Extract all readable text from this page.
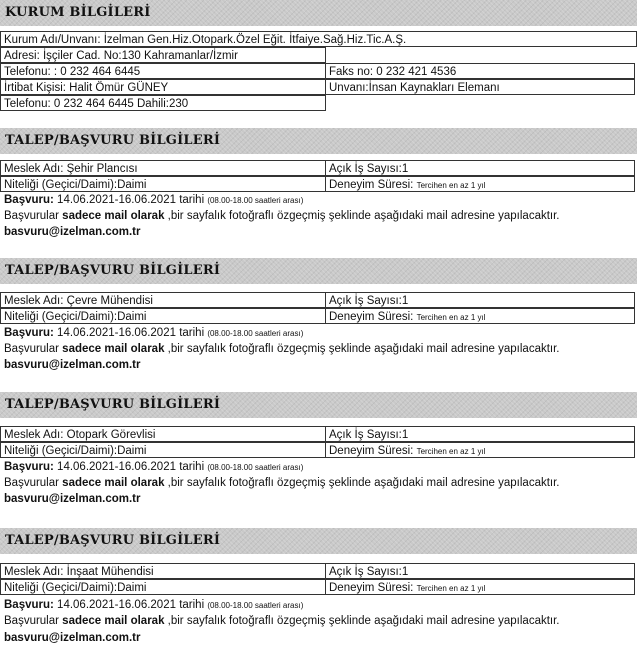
KURUM BİLGİLERİ
Kurum Adı/Unvanı: İzelman Gen.Hiz.Otopark.Özel Eğit. İtfaiye.Sağ.Hiz.Tic.A.Ş.
Adresi: İşçiler Cad. No:130 Kahramanlar/İzmir
Telefonu: : 0 232 464 6445	Faks no: 0 232 421 4536
İrtibat Kişisi: Halit Ömür GÜNEY	Unvanı:İnsan Kaynakları Elemanı
Telefonu: 0 232 464 6445 Dahili:230
TALEP/BAŞVURU BİLGİLERİ
Meslek Adı: Şehir Plancısı	Açık İş Sayısı:1
Niteliği (Geçici/Daimi):Daimi	Deneyim Süresi: Tercihen en az 1 yıl
Başvuru: 14.06.2021-16.06.2021 tarihi (08.00-18.00 saatleri arası)
Başvurular sadece mail olarak ,bir sayfalık fotoğraflı özgeçmiş şeklinde aşağıdaki mail adresine yapılacaktır.
basvuru@izelman.com.tr
TALEP/BAŞVURU BİLGİLERİ
Meslek Adı: Çevre Mühendisi	Açık İş Sayısı:1
Niteliği (Geçici/Daimi):Daimi	Deneyim Süresi: Tercihen en az 1 yıl
Başvuru: 14.06.2021-16.06.2021 tarihi (08.00-18.00 saatleri arası)
Başvurular sadece mail olarak ,bir sayfalık fotoğraflı özgeçmiş şeklinde aşağıdaki mail adresine yapılacaktır.
basvuru@izelman.com.tr
TALEP/BAŞVURU BİLGİLERİ
Meslek Adı: Otopark Görevlisi	Açık İş Sayısı:1
Niteliği (Geçici/Daimi):Daimi	Deneyim Süresi: Tercihen en az 1 yıl
Başvuru: 14.06.2021-16.06.2021 tarihi (08.00-18.00 saatleri arası)
Başvurular sadece mail olarak ,bir sayfalık fotoğraflı özgeçmiş şeklinde aşağıdaki mail adresine yapılacaktır.
basvuru@izelman.com.tr
TALEP/BAŞVURU BİLGİLERİ
Meslek Adı: İnşaat Mühendisi	Açık İş Sayısı:1
Niteliği (Geçici/Daimi):Daimi	Deneyim Süresi: Tercihen en az 1 yıl
Başvuru: 14.06.2021-16.06.2021 tarihi (08.00-18.00 saatleri arası)
Başvurular sadece mail olarak ,bir sayfalık fotoğraflı özgeçmiş şeklinde aşağıdaki mail adresine yapılacaktır.
basvuru@izelman.com.tr
